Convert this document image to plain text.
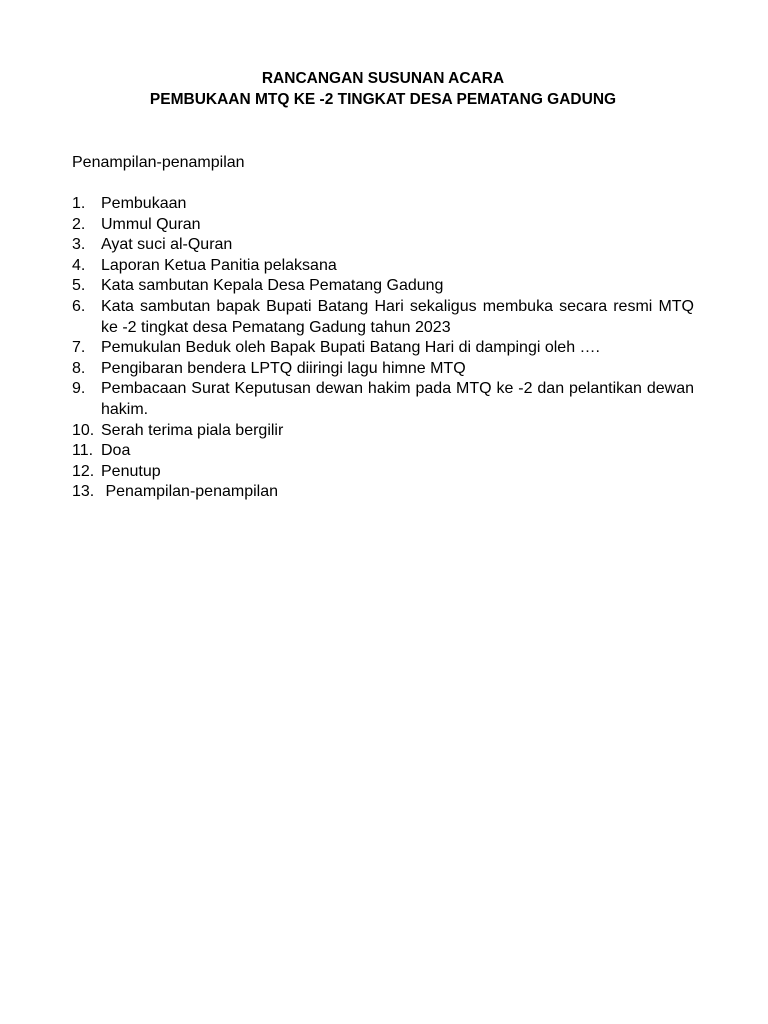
RANCANGAN SUSUNAN ACARA
PEMBUKAAN MTQ KE -2 TINGKAT DESA PEMATANG GADUNG
Penampilan-penampilan
1. Pembukaan
2. Ummul Quran
3. Ayat suci al-Quran
4. Laporan Ketua Panitia pelaksana
5. Kata sambutan Kepala Desa Pematang Gadung
6. Kata sambutan bapak Bupati Batang Hari sekaligus membuka secara resmi MTQ ke -2 tingkat desa Pematang Gadung tahun 2023
7. Pemukulan Beduk oleh Bapak Bupati Batang Hari di dampingi oleh ….
8. Pengibaran bendera LPTQ diiringi lagu himne MTQ
9. Pembacaan Surat Keputusan dewan hakim pada MTQ ke -2 dan pelantikan dewan hakim.
10. Serah terima piala bergilir
11. Doa
12. Penutup
13. Penampilan-penampilan
